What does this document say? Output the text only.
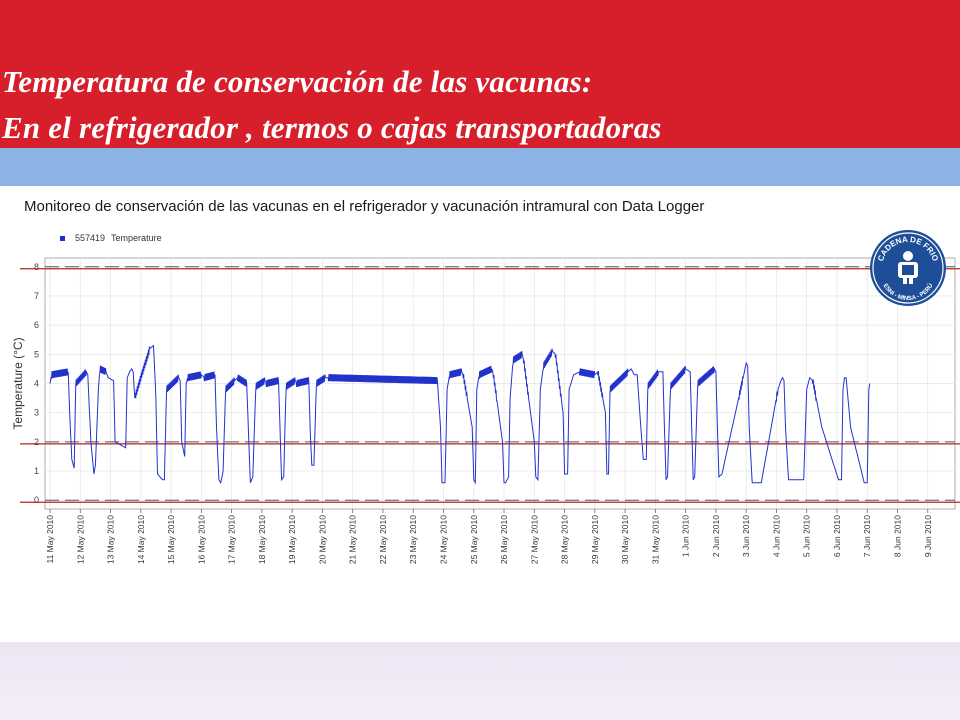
Temperatura de conservación de las vacunas:
En el refrigerador , termos o cajas transportadoras

Monitoreo de conservación de las vacunas en el refrigerador y vacunación intramural con Data Logger

557419 Temperature
0
1
2
3
4
5
6
7
8
11 May 2010 12 May 2010 13 May 2010 14 May 2010 15 May 2010 16 May 2010 17 May 2010 18 May 2010 19 May 2010 20 May 2010 21 May 2010 22 May 2010 23 May 2010 24 May 2010 25 May 2010 26 May 2010 27 May 2010 28 May 2010 29 May 2010 30 May 2010 31 May 2010 1 Jun 2010 2 Jun 2010 3 Jun 2010 4 Jun 2010 5 Jun 2010 6 Jun 2010 7 Jun 2010 8 Jun 2010 9 Jun 2010
Temperature (°C)
CADENA DE FRIO
ESNI - MINSA - PERÚ
